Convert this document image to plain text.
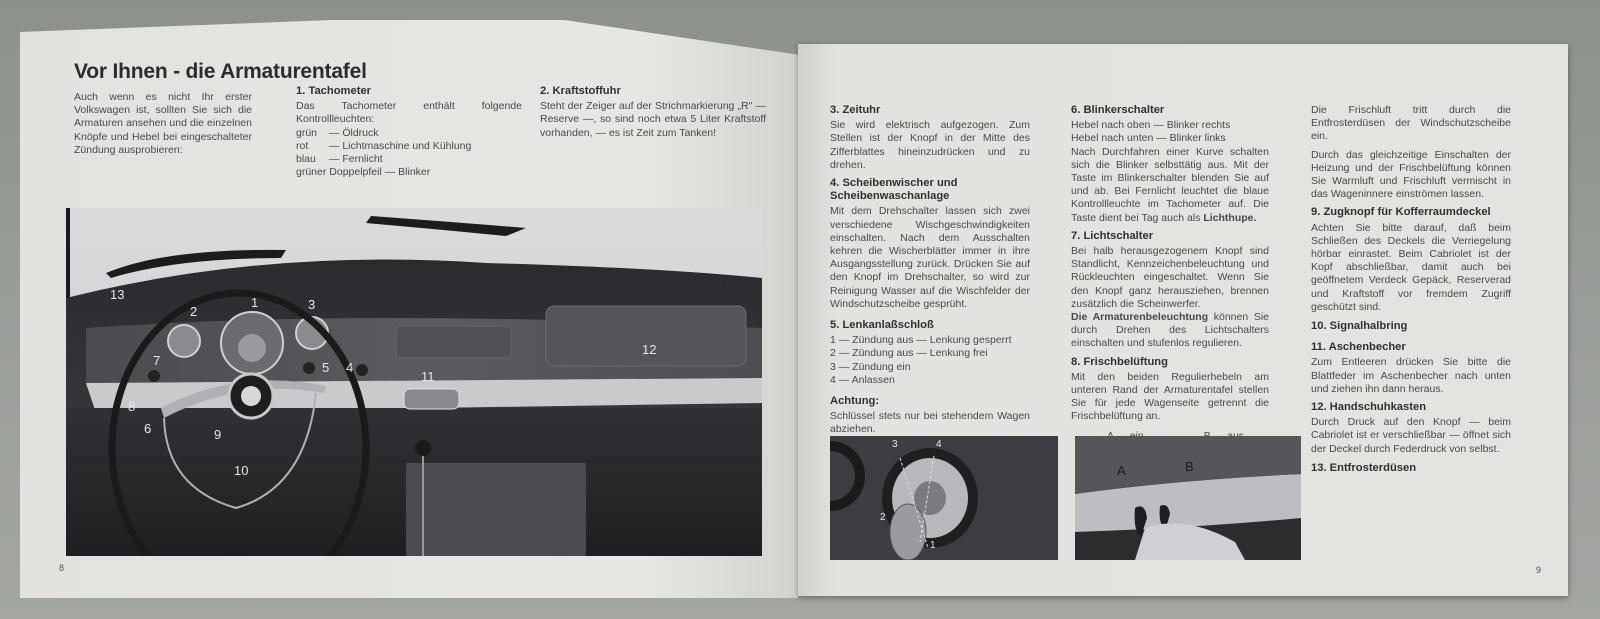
Vor Ihnen - die Armaturentafel
Auch wenn es nicht Ihr erster Volkswagen ist, sollten Sie sich die Armaturen ansehen und die einzelnen Knöpfe und Hebel bei eingeschalteter Zündung ausprobieren:
1. Tachometer
Das Tachometer enthält folgende Kontrollleuchten:
grün — Öldruck
rot — Lichtmaschine und Kühlung
blau — Fernlicht
grüner Doppelpfeil — Blinker
2. Kraftstoffuhr
Steht der Zeiger auf der Strichmarkierung „R" — Reserve —, so sind noch etwa 5 Liter Kraftstoff vorhanden, — es ist Zeit zum Tanken!
1
2	3
4
5
6
7
8
9
10
11
12
13
13
8
3. Zeituhr
Sie wird elektrisch aufgezogen. Zum Stellen ist der Knopf in der Mitte des Zifferblattes hineinzudrücken und zu drehen.
4. Scheibenwischer und Scheibenwaschanlage
Mit dem Drehschalter lassen sich zwei verschiedene Wischgeschwindigkeiten einschalten. Nach dem Ausschalten kehren die Wischerblätter immer in ihre Ausgangsstellung zurück. Drücken Sie auf den Knopf im Drehschalter, so wird zur Reinigung Wasser auf die Wischfelder der Windschutzscheibe gesprüht.
5. Lenkanlaßschloß
1 — Zündung aus — Lenkung gesperrt
2 — Zündung aus — Lenkung frei
3 — Zündung ein
4 — Anlassen
Achtung:
Schlüssel stets nur bei stehendem Wagen abziehen.
6. Blinkerschalter
Hebel nach oben — Blinker rechts
Hebel nach unten — Blinker links
Nach Durchfahren einer Kurve schalten sich die Blinker selbsttätig aus. Mit der Taste im Blinkerschalter blenden Sie auf und ab. Bei Fernlicht leuchtet die blaue Kontrollleuchte im Tachometer auf. Die Taste dient bei Tag auch als Lichthupe.
7. Lichtschalter
Bei halb herausgezogenem Knopf sind Standlicht, Kennzeichenbeleuchtung und Rückleuchten eingeschaltet. Wenn Sie den Knopf ganz herausziehen, brennen zusätzlich die Scheinwerfer.
Die Armaturenbeleuchtung können Sie durch Drehen des Lichtschalters einschalten und stufenlos regulieren.
8. Frischbelüftung
Mit den beiden Regulierhebeln am unteren Rand der Armaturentafel stellen Sie für jede Wagenseite getrennt die Frischbelüftung an.
Die Frischluft tritt durch die Entfrosterdüsen der Windschutzscheibe ein.
Durch das gleichzeitige Einschalten der Heizung und der Frischbelüftung können Sie Warmluft und Frischluft vermischt in das Wageninnere einströmen lassen.
9. Zugknopf für Kofferraumdeckel
Achten Sie bitte darauf, daß beim Schließen des Deckels die Verriegelung hörbar einrastet. Beim Cabriolet ist der Kopf abschließbar, damit auch bei geöffnetem Verdeck Gepäck, Reserverad und Kraftstoff vor fremdem Zugriff geschützt sind.
10. Signalhalbring
11. Aschenbecher
Zum Entleeren drücken Sie bitte die Blattfeder im Aschenbecher nach unten und ziehen ihn dann heraus.
12. Handschuhkasten
Durch Druck auf den Knopf — beim Cabriolet ist er verschließbar — öffnet sich der Deckel durch Federdruck von selbst.
13. Entfrosterdüsen
1
2
3	4
A	B
9
